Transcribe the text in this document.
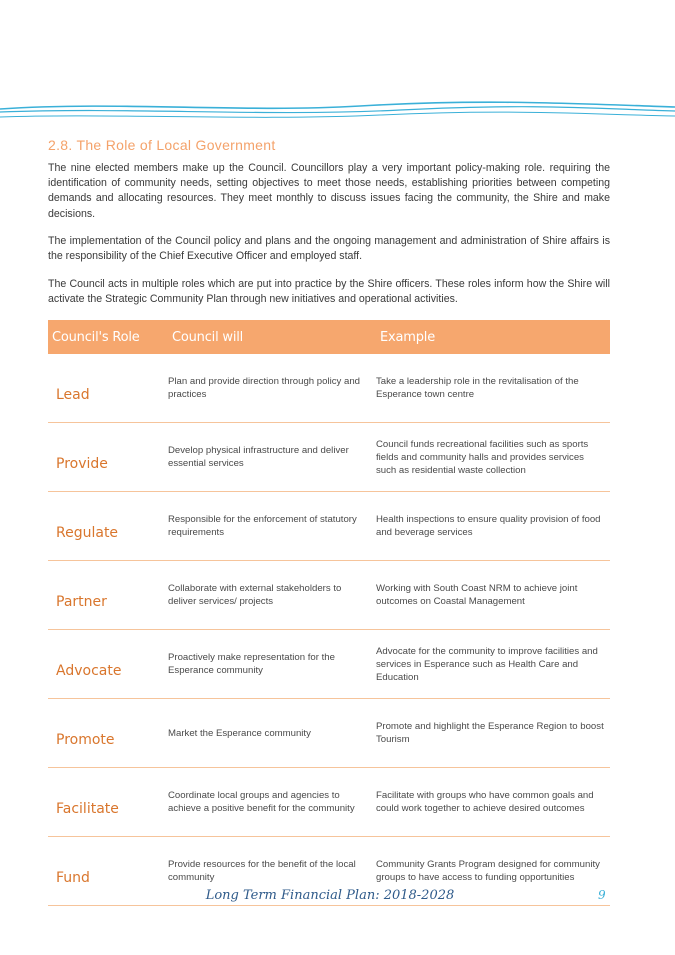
2.8. The Role of Local Government

The nine elected members make up the Council. Councillors play a very important policy-making role. requiring the identification of community needs, setting objectives to meet those needs, establishing priorities between competing demands and allocating resources. They meet monthly to discuss issues facing the community, the Shire and make decisions.

The implementation of the Council policy and plans and the ongoing management and administration of Shire affairs is the responsibility of the Chief Executive Officer and employed staff.

The Council acts in multiple roles which are put into practice by the Shire officers. These roles inform how the Shire will activate the Strategic Community Plan through new initiatives and operational activities.

Council's Role	Council will	Example
Lead	Plan and provide direction through policy and practices	Take a leadership role in the revitalisation of the Esperance town centre
Provide	Develop physical infrastructure and deliver essential services	Council funds recreational facilities such as sports fields and community halls and provides services such as residential waste collection
Regulate	Responsible for the enforcement of statutory requirements	Health inspections to ensure quality provision of food and beverage services
Partner	Collaborate with external stakeholders to deliver services/ projects	Working with South Coast NRM to achieve joint outcomes on Coastal Management
Advocate	Proactively make representation for the Esperance community	Advocate for the community to improve facilities and services in Esperance such as Health Care and Education
Promote	Market the Esperance community	Promote and highlight the Esperance Region to boost Tourism
Facilitate	Coordinate local groups and agencies to achieve a positive benefit for the community	Facilitate with groups who have common goals and could work together to achieve desired outcomes
Fund	Provide resources for the benefit of the local community	Community Grants Program designed for community groups to have access to funding opportunities
Long Term Financial Plan: 2018-2028	9
